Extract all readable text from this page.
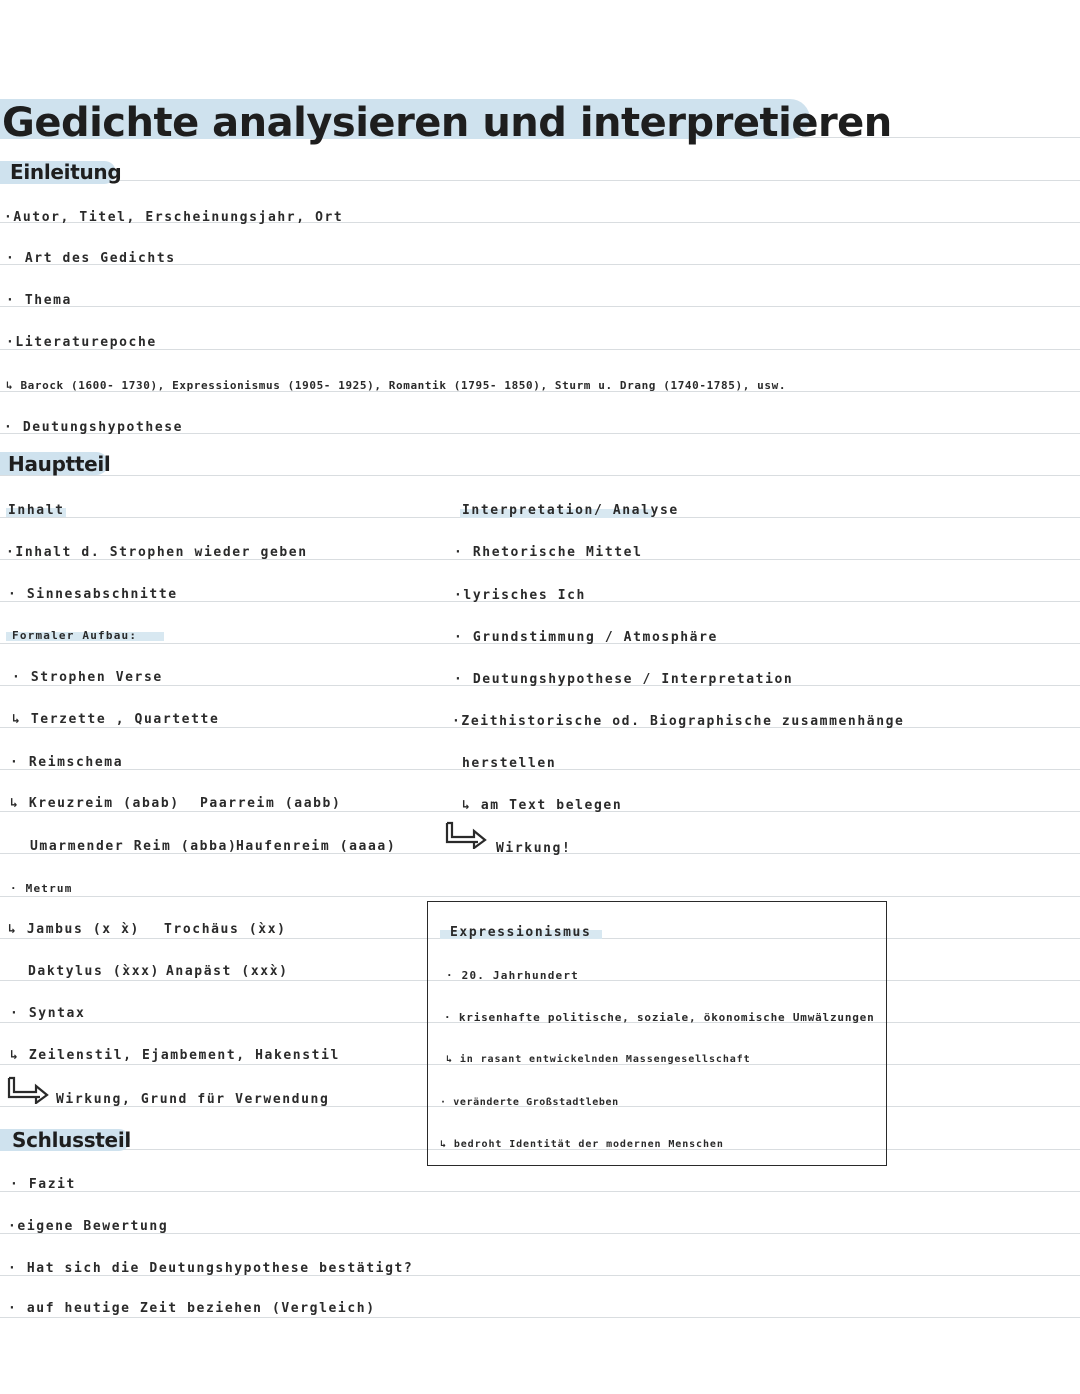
Gedichte analysieren und interpretieren
Einleitung
·Autor, Titel, Erscheinungsjahr, Ort
· Art des Gedichts
· Thema
·Literaturepoche
↳ Barock (1600- 1730), Expressionismus (1905- 1925), Romantik (1795- 1850), Sturm u. Drang (1740-1785), usw.
· Deutungshypothese
Hauptteil
Inhalt
·Inhalt d. Strophen wieder geben
· Sinnesabschnitte
Formaler Aufbau:
· Strophen Verse
↳ Terzette , Quartette
· Reimschema
↳ Kreuzreim (abab) Paarreim (aabb)
Umarmender Reim (abba)
Haufenreim (aaaa)
· Metrum
↳ Jambus (x x̀) Trochäus (x̀x)
Daktylus (x̀xx) Anapäst (xxx̀)
· Syntax
↳ Zeilenstil, Ejambement, Hakenstil
Wirkung, Grund für Verwendung
Interpretation/ Analyse
· Rhetorische Mittel
·lyrisches Ich
· Grundstimmung / Atmosphäre
· Deutungshypothese / Interpretation
·Zeithistorische od. Biographische zusammenhänge
herstellen
↳ am Text belegen
Wirkung!
Expressionismus
· 20. Jahrhundert
· krisenhafte politische, soziale, ökonomische Umwälzungen
↳ in rasant entwickelnden Massengesellschaft
· veränderte Großstadtleben
↳ bedroht Identität der modernen Menschen
Schlussteil
· Fazit
·eigene Bewertung
· Hat sich die Deutungshypothese bestätigt?
· auf heutige Zeit beziehen (Vergleich)
